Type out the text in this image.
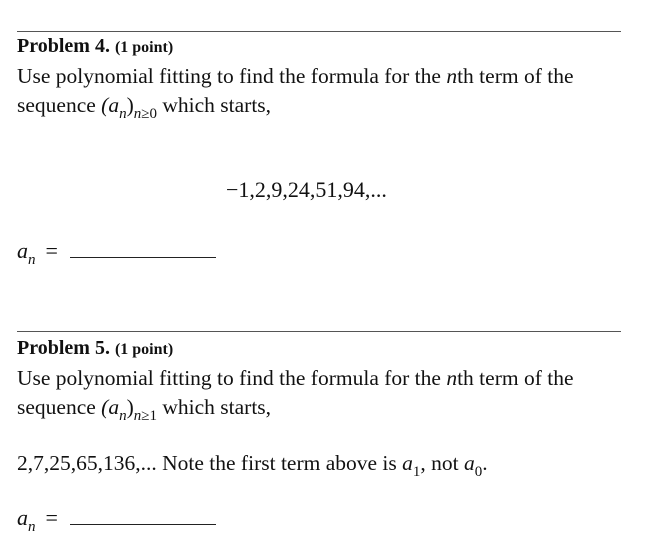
Problem 4. (1 point)
Use polynomial fitting to find the formula for the nth term of the
sequence $(a_n)_{n\ge 0}$ which starts,
−1,2,9,24,51,94,...
$a_n$ =
Problem 5. (1 point)
Use polynomial fitting to find the formula for the nth term of the
sequence $(a_n)_{n\ge 1}$ which starts,
2,7,25,65,136,... Note the first term above is $a_1$, not $a_0$.
$a_n$ =
